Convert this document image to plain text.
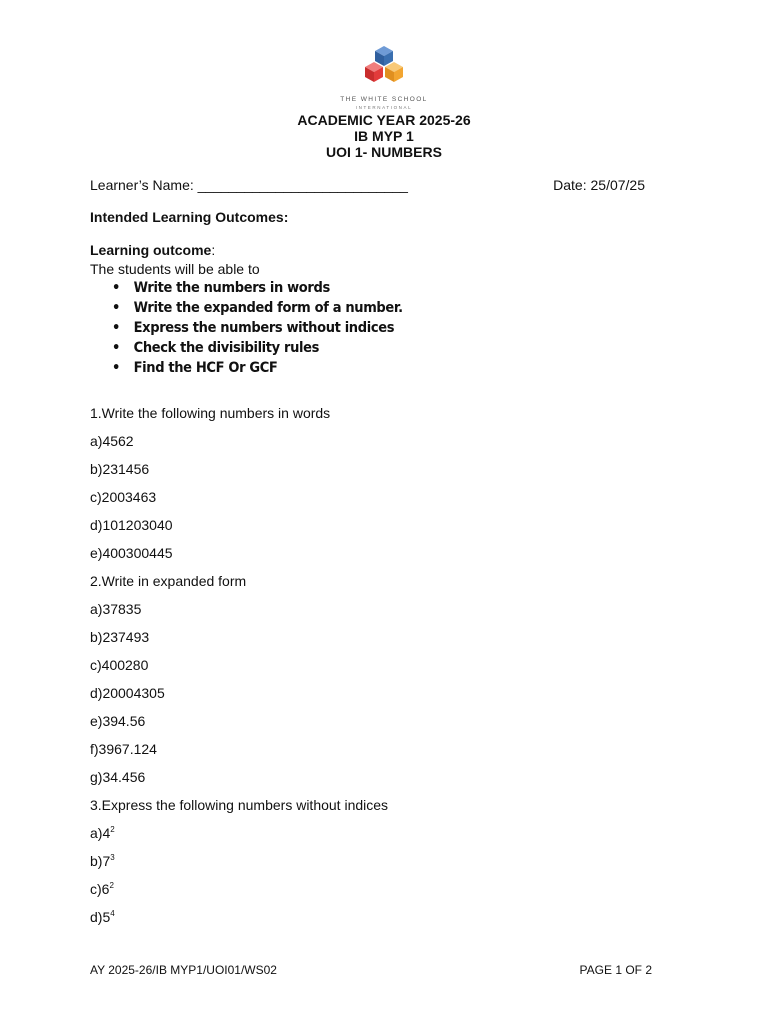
THE WHITE SCHOOL
INTERNATIONAL
ACADEMIC YEAR 2025-26
IB MYP 1
UOI 1- NUMBERS
Learner’s Name: ___________________________	Date: 25/07/25
Intended Learning Outcomes:
Learning outcome:
The students will be able to
• Write the numbers in words
• Write the expanded form of a number.
• Express the numbers without indices
• Check the divisibility rules
• Find the HCF Or GCF
1.Write the following numbers in words
a)4562
b)231456
c)2003463
d)101203040
e)400300445
2.Write in expanded form
a)37835
b)237493
c)400280
d)20004305
e)394.56
f)3967.124
g)34.456
3.Express the following numbers without indices
$a)4^2$
$b)7^3$
$c)6^2$
$d)5^4$
AY 2025-26/IB MYP1/UOI01/WS02	PAGE 1 OF 2
